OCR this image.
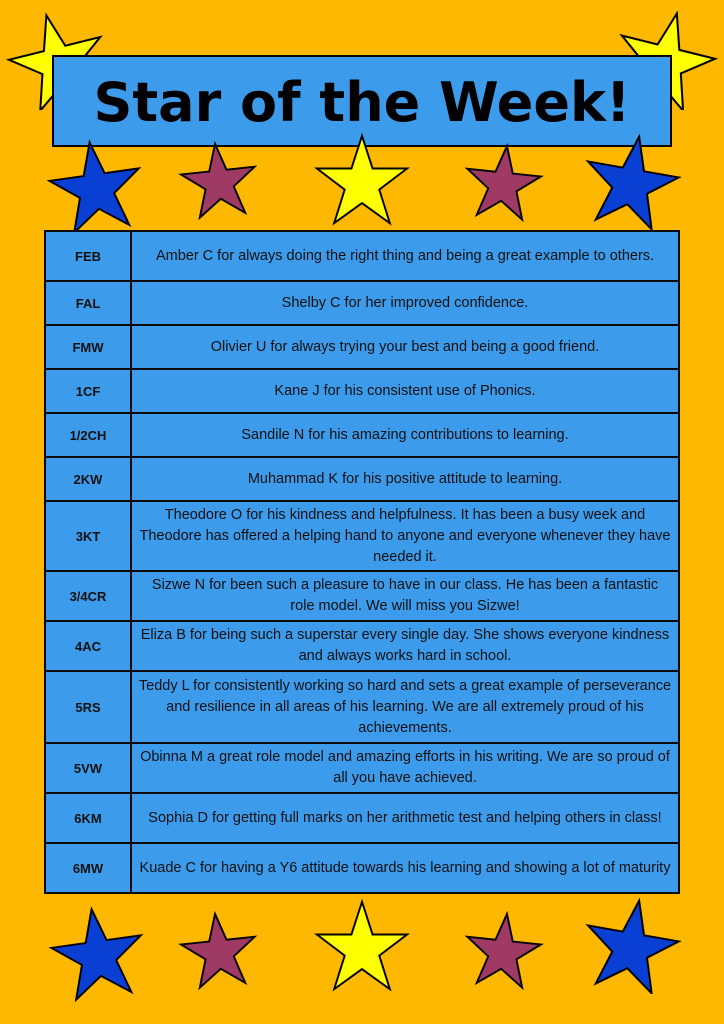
Star of the Week!
FEB	Amber C for always doing the right thing and being a great example to others.
FAL	Shelby C for her improved confidence.
FMW	Olivier U for always trying your best and being a good friend.
1CF	Kane J for his consistent use of Phonics.
1/2CH	Sandile N for his amazing contributions to learning.
2KW	Muhammad K for his positive attitude to learning.
3KT	Theodore O for his kindness and helpfulness. It has been a busy week and Theodore has offered a helping hand to anyone and everyone whenever they have needed it.
3/4CR	Sizwe N for been such a pleasure to have in our class. He has been a fantastic role model. We will miss you Sizwe!
4AC	Eliza B for being such a superstar every single day. She shows everyone kindness and always works hard in school.
5RS	Teddy L for consistently working so hard and sets a great example of perseverance and resilience in all areas of his learning. We are all extremely proud of his achievements.
5VW	Obinna M a great role model and amazing efforts in his writing. We are so proud of all you have achieved.
6KM	Sophia D for getting full marks on her arithmetic test and helping others in class!
6MW	Kuade C for having a Y6 attitude towards his learning and showing a lot of maturity
